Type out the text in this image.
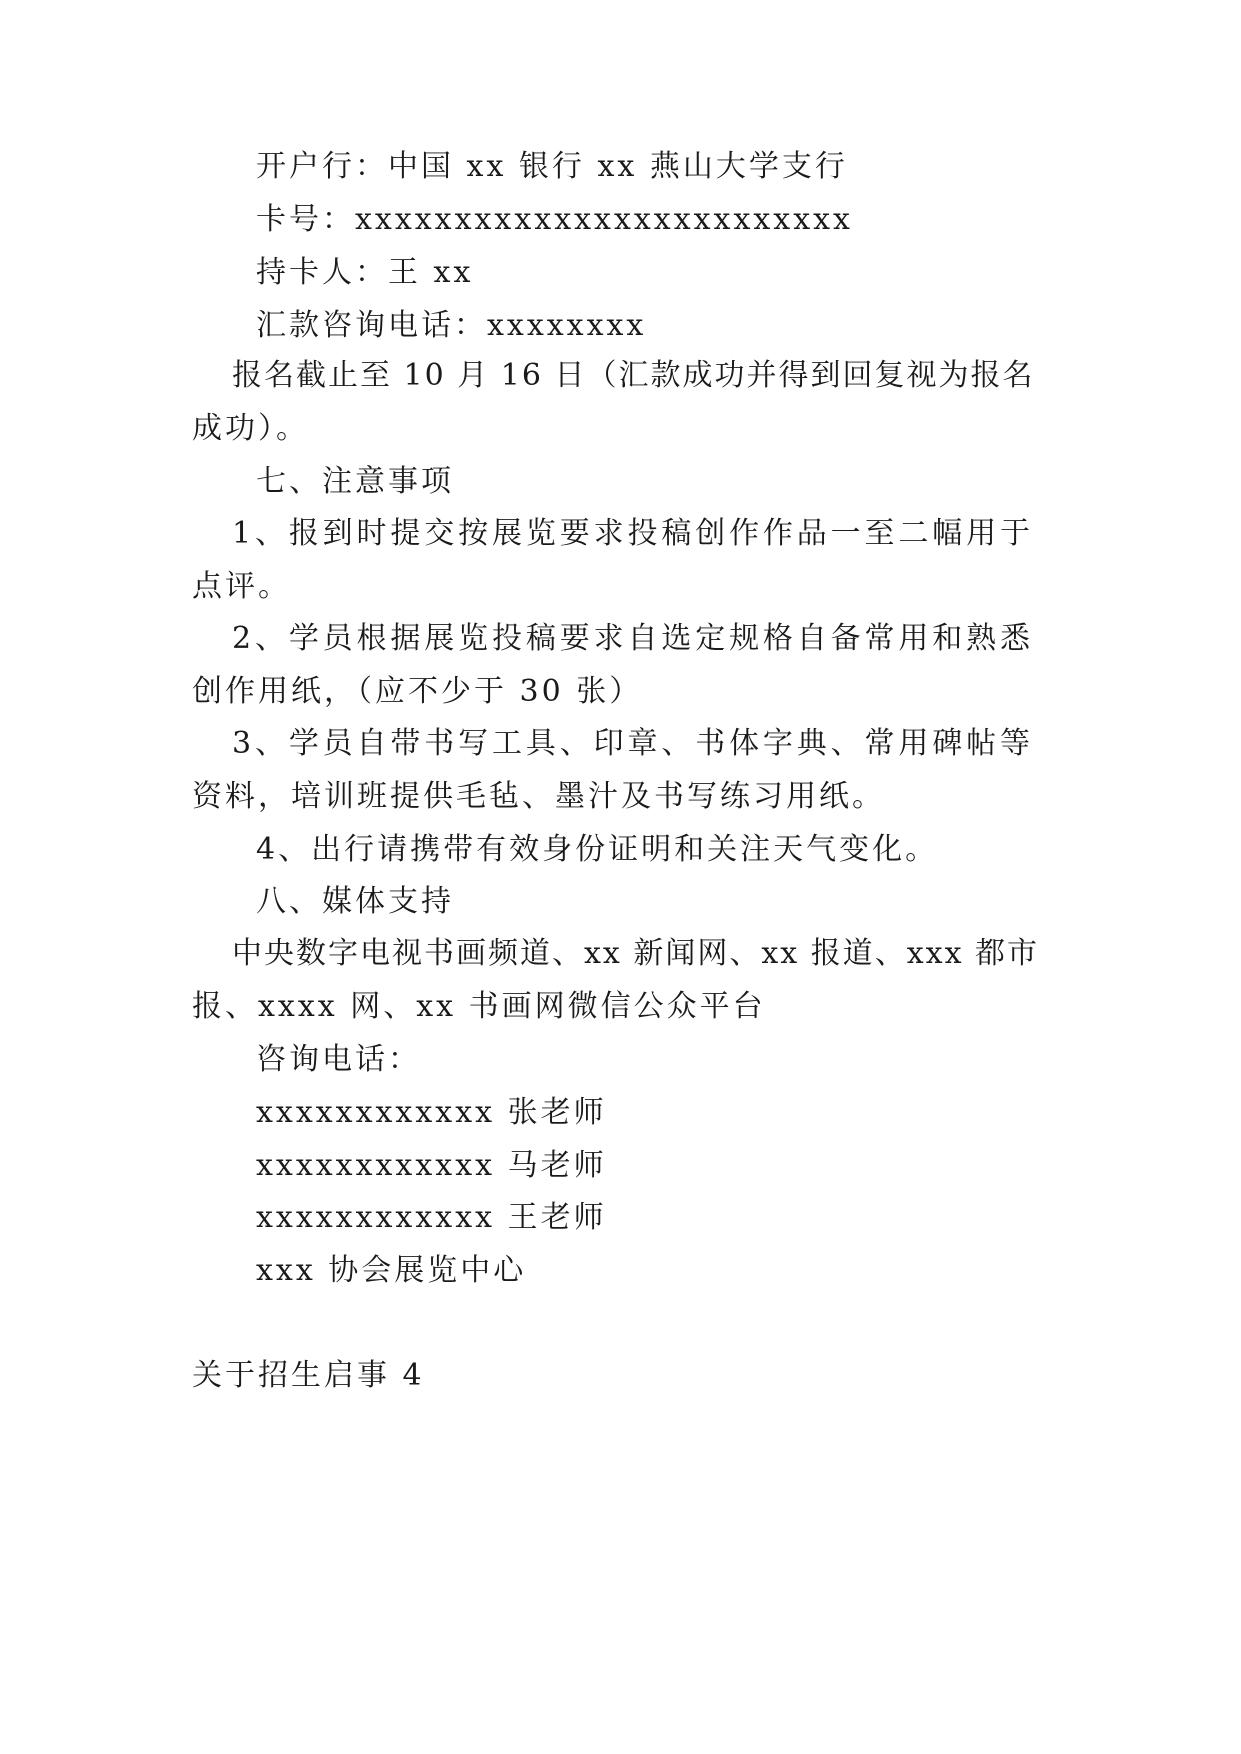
开户行：中国 xx 银行 xx 燕山大学支行
卡号：xxxxxxxxxxxxxxxxxxxxxxxxx
持卡人：王 xx
汇款咨询电话：xxxxxxxx
报名截止至 10 月 16 日（汇款成功并得到回复视为报名
成功）。
七、注意事项
1、报到时提交按展览要求投稿创作作品一至二幅用于
点评。
2、学员根据展览投稿要求自选定规格自备常用和熟悉
创作用纸，（应不少于 30 张）
3、学员自带书写工具、印章、书体字典、常用碑帖等
资料，培训班提供毛毡、墨汁及书写练习用纸。
4、出行请携带有效身份证明和关注天气变化。
八、媒体支持
中央数字电视书画频道、xx 新闻网、xx 报道、xxx 都市
报、xxxx 网、xx 书画网微信公众平台
咨询电话：
xxxxxxxxxxxx 张老师
xxxxxxxxxxxx 马老师
xxxxxxxxxxxx 王老师
xxx 协会展览中心
关于招生启事 4
